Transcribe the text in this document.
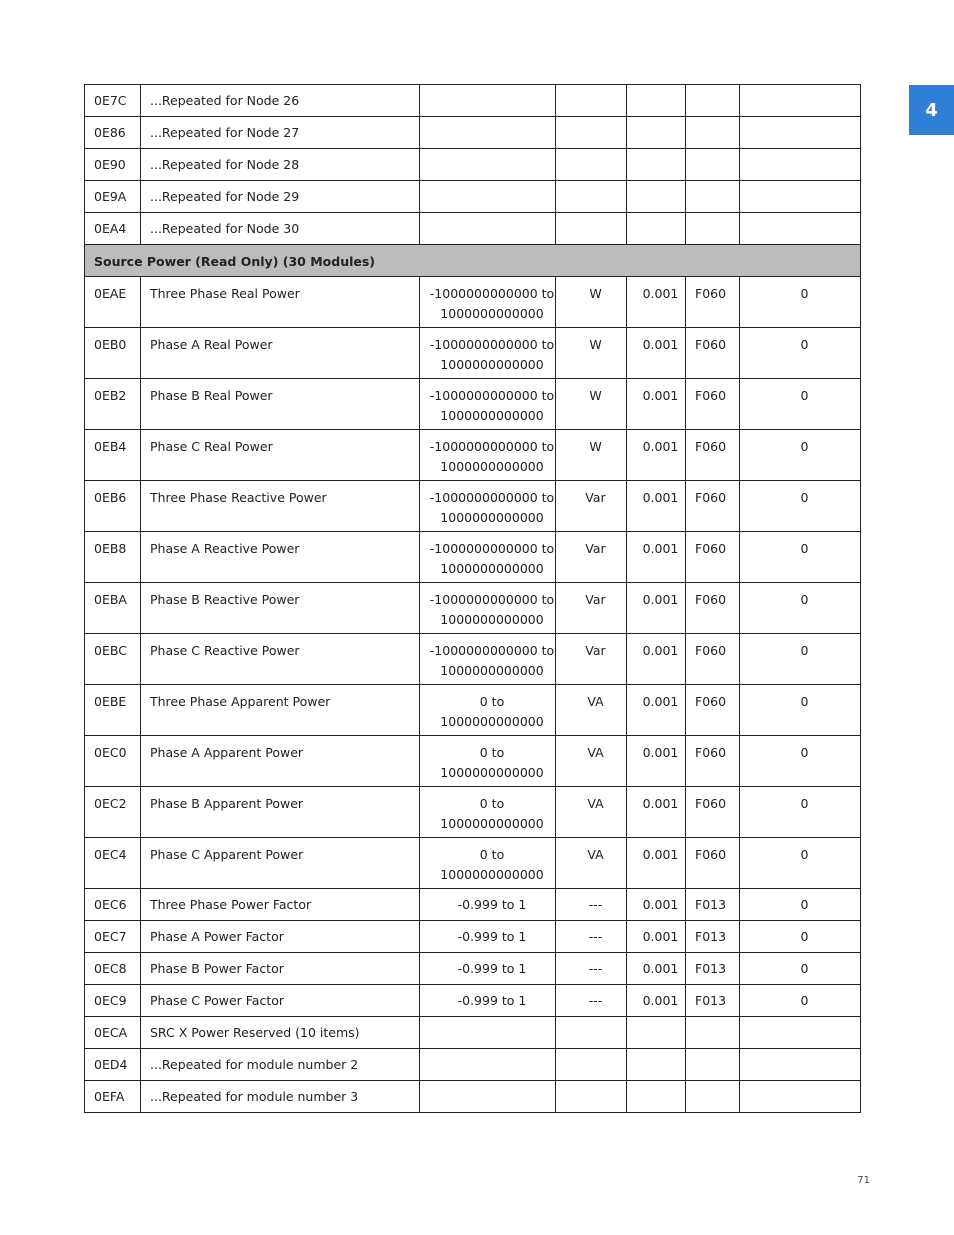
4
0E7C	...Repeated for Node 26					
0E86	...Repeated for Node 27					
0E90	...Repeated for Node 28					
0E9A	...Repeated for Node 29					
0EA4	...Repeated for Node 30					
Source Power (Read Only) (30 Modules)						
0EAE	Three Phase Real Power	-1000000000000 to
1000000000000	W	0.001	F060	0
0EB0	Phase A Real Power	-1000000000000 to
1000000000000	W	0.001	F060	0
0EB2	Phase B Real Power	-1000000000000 to
1000000000000	W	0.001	F060	0
0EB4	Phase C Real Power	-1000000000000 to
1000000000000	W	0.001	F060	0
0EB6	Three Phase Reactive Power	-1000000000000 to
1000000000000	Var	0.001	F060	0
0EB8	Phase A Reactive Power	-1000000000000 to
1000000000000	Var	0.001	F060	0
0EBA	Phase B Reactive Power	-1000000000000 to
1000000000000	Var	0.001	F060	0
0EBC	Phase C Reactive Power	-1000000000000 to
1000000000000	Var	0.001	F060	0
0EBE	Three Phase Apparent Power	0 to
1000000000000	VA	0.001	F060	0
0EC0	Phase A Apparent Power	0 to
1000000000000	VA	0.001	F060	0
0EC2	Phase B Apparent Power	0 to
1000000000000	VA	0.001	F060	0
0EC4	Phase C Apparent Power	0 to
1000000000000	VA	0.001	F060	0
0EC6	Three Phase Power Factor	-0.999 to 1	---	0.001	F013	0
0EC7	Phase A Power Factor	-0.999 to 1	---	0.001	F013	0
0EC8	Phase B Power Factor	-0.999 to 1	---	0.001	F013	0
0EC9	Phase C Power Factor	-0.999 to 1	---	0.001	F013	0
0ECA	SRC X Power Reserved (10 items)					
0ED4	...Repeated for module number 2					
0EFA	...Repeated for module number 3					
71
